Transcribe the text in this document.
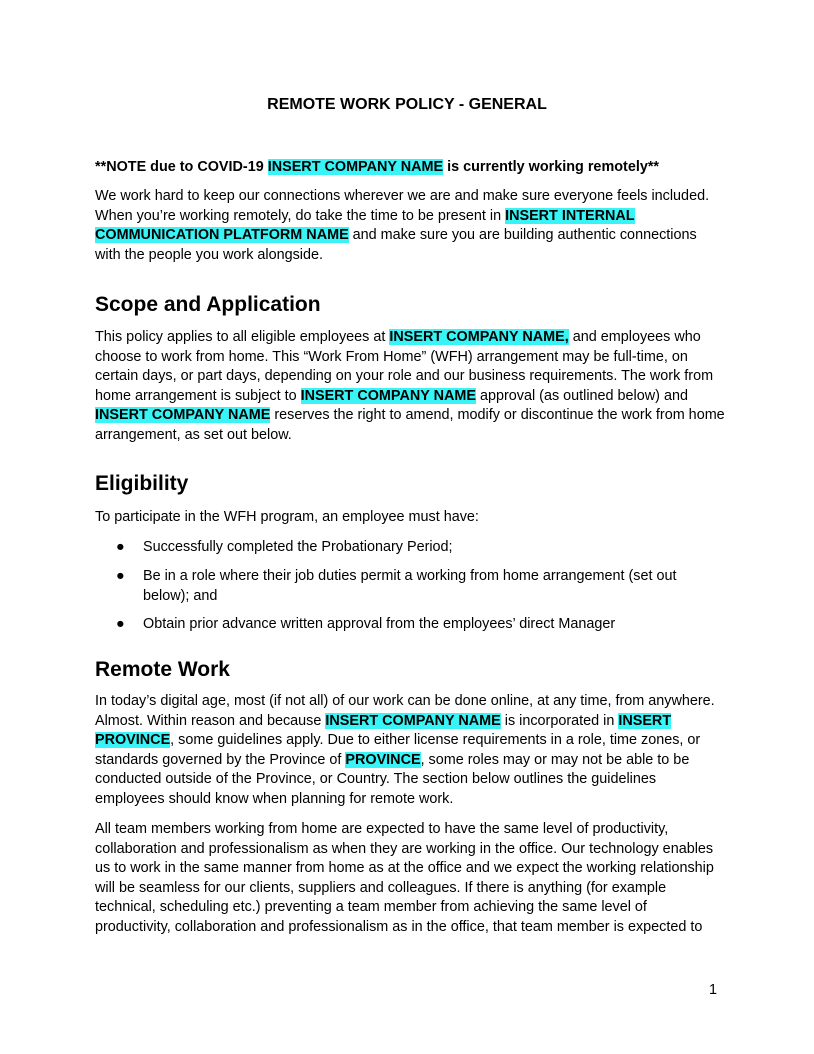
REMOTE WORK POLICY - GENERAL
**NOTE due to COVID-19 INSERT COMPANY NAME is currently working remotely**
We work hard to keep our connections wherever we are and make sure everyone feels included. When you’re working remotely, do take the time to be present in INSERT INTERNAL COMMUNICATION PLATFORM NAME and make sure you are building authentic connections with the people you work alongside.
Scope and Application
This policy applies to all eligible employees at INSERT COMPANY NAME, and employees who choose to work from home. This “Work From Home” (WFH) arrangement may be full-time, on certain days, or part days, depending on your role and our business requirements. The work from home arrangement is subject to INSERT COMPANY NAME approval (as outlined below) and INSERT COMPANY NAME reserves the right to amend, modify or discontinue the work from home arrangement, as set out below.
Eligibility
To participate in the WFH program, an employee must have:
● Successfully completed the Probationary Period;
● Be in a role where their job duties permit a working from home arrangement (set out below); and
● Obtain prior advance written approval from the employees’ direct Manager
Remote Work
In today’s digital age, most (if not all) of our work can be done online, at any time, from anywhere. Almost. Within reason and because INSERT COMPANY NAME is incorporated in INSERT PROVINCE, some guidelines apply. Due to either license requirements in a role, time zones, or standards governed by the Province of PROVINCE, some roles may or may not be able to be conducted outside of the Province, or Country. The section below outlines the guidelines employees should know when planning for remote work.
All team members working from home are expected to have the same level of productivity, collaboration and professionalism as when they are working in the office. Our technology enables us to work in the same manner from home as at the office and we expect the working relationship will be seamless for our clients, suppliers and colleagues. If there is anything (for example technical, scheduling etc.) preventing a team member from achieving the same level of productivity, collaboration and professionalism as in the office, that team member is expected to
1
